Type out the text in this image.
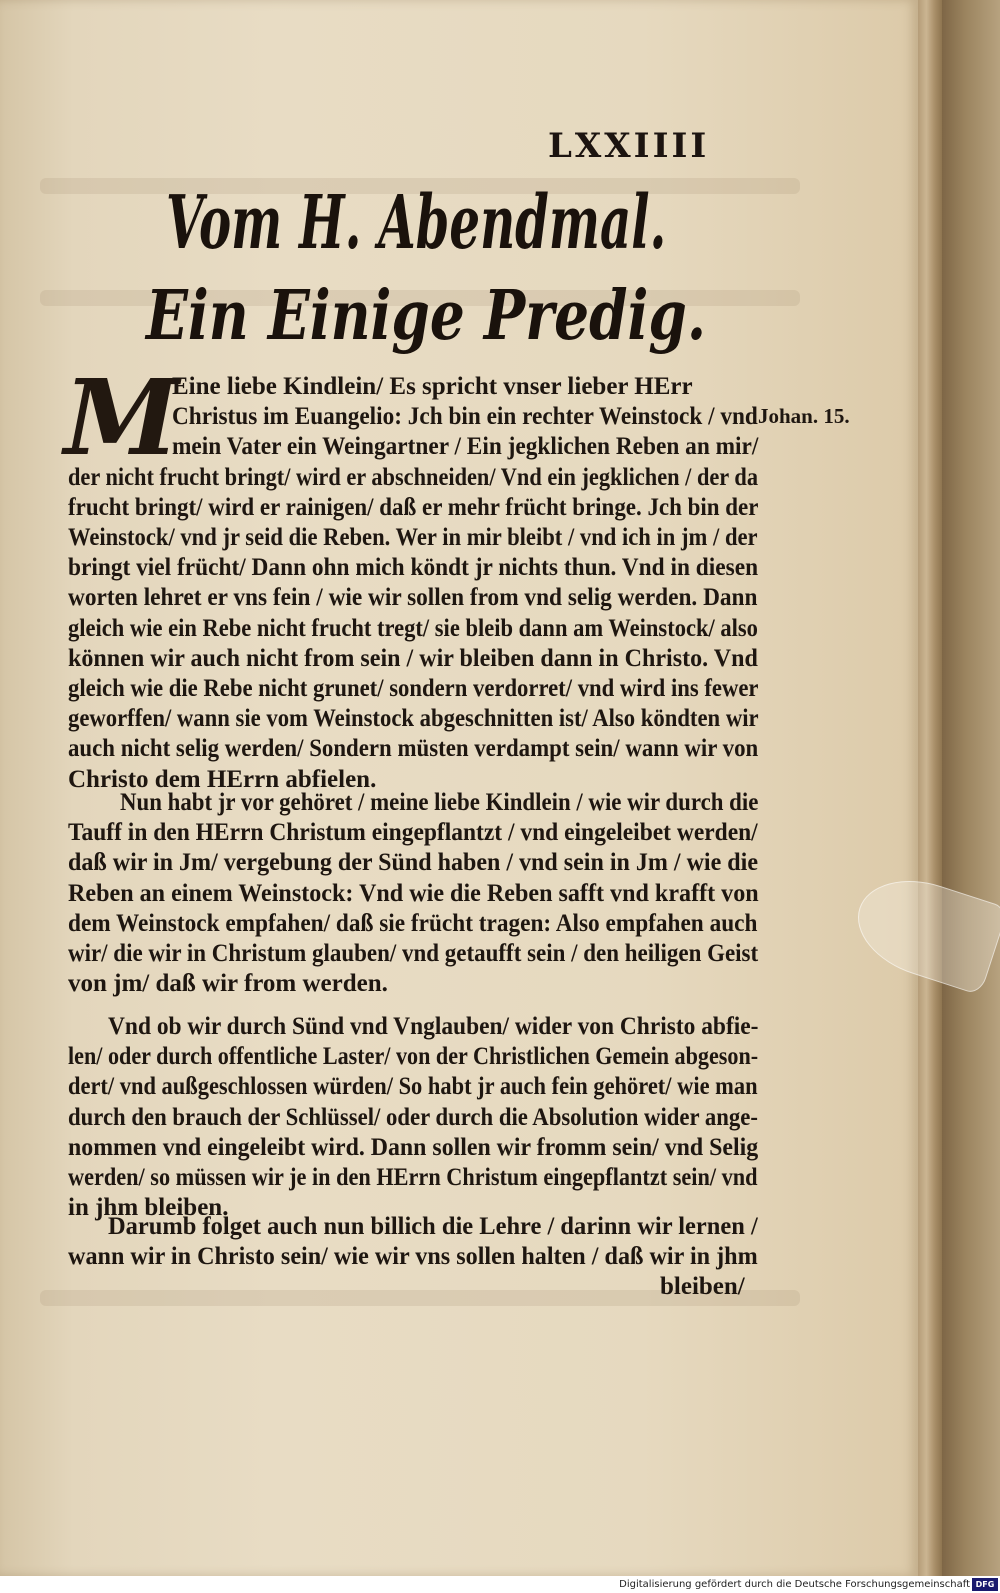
LXXIIII
Vom H. Abendmal.
Ein Einige Predig.
M	Johan. 15.
Eine liebe Kindlein/ Es spricht vnser lieber HErr
Christus im Euangelio: Jch bin ein rechter Weinstock / vnd
mein Vater ein Weingartner / Ein jegklichen Reben an mir/
der nicht frucht bringt/ wird er abschneiden/ Vnd ein jegklichen / der da
frucht bringt/ wird er rainigen/ daß er mehr frücht bringe. Jch bin der
Weinstock/ vnd jr seid die Reben. Wer in mir bleibt / vnd ich in jm / der
bringt viel frücht/ Dann ohn mich köndt jr nichts thun. Vnd in diesen
worten lehret er vns fein / wie wir sollen from vnd selig werden. Dann
gleich wie ein Rebe nicht frucht tregt/ sie bleib dann am Weinstock/ also
können wir auch nicht from sein / wir bleiben dann in Christo. Vnd
gleich wie die Rebe nicht grunet/ sondern verdorret/ vnd wird ins fewer
geworffen/ wann sie vom Weinstock abgeschnitten ist/ Also köndten wir
auch nicht selig werden/ Sondern müsten verdampt sein/ wann wir von
Christo dem HErrn abfielen.
Nun habt jr vor gehöret / meine liebe Kindlein / wie wir durch die
Tauff in den HErrn Christum eingepflantzt / vnd eingeleibet werden/
daß wir in Jm/ vergebung der Sünd haben / vnd sein in Jm / wie die
Reben an einem Weinstock: Vnd wie die Reben safft vnd krafft von
dem Weinstock empfahen/ daß sie frücht tragen: Also empfahen auch
wir/ die wir in Christum glauben/ vnd getaufft sein / den heiligen Geist
von jm/ daß wir from werden.
Vnd ob wir durch Sünd vnd Vnglauben/ wider von Christo abfie-
len/ oder durch offentliche Laster/ von der Christlichen Gemein abgeson-
dert/ vnd außgeschlossen würden/ So habt jr auch fein gehöret/ wie man
durch den brauch der Schlüssel/ oder durch die Absolution wider ange-
nommen vnd eingeleibt wird. Dann sollen wir fromm sein/ vnd Selig
werden/ so müssen wir je in den HErrn Christum eingepflantzt sein/ vnd
in jhm bleiben.
Darumb folget auch nun billich die Lehre / darinn wir lernen /
wann wir in Christo sein/ wie wir vns sollen halten / daß wir in jhm
bleiben/
Digitalisierung gefördert durch die Deutsche Forschungsgemeinschaft DFG
